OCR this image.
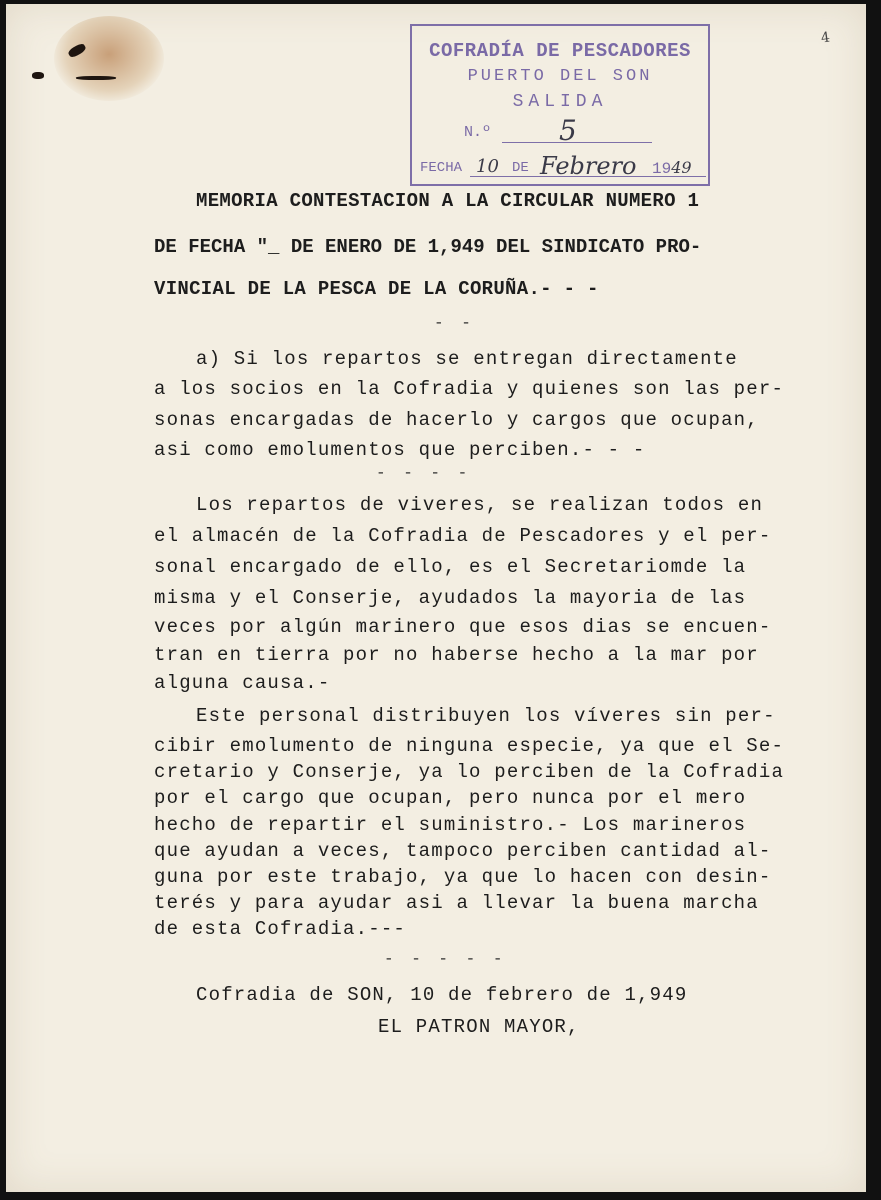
4
COFRADÍA DE PESCADORES
PUERTO DEL SON
SALIDA
N.º 5
FECHA 10 DE Febrero 1949

MEMORIA CONTESTACION A LA CIRCULAR NUMERO 1

DE FECHA "_ DE ENERO DE 1,949 DEL SINDICATO PRO-

VINCIAL DE LA PESCA DE LA CORUÑA.- - -

- -

a) Si los repartos se entregan directamente

a los socios en la Cofradia y quienes son las per-

sonas encargadas de hacerlo y cargos que ocupan,

asi como emolumentos que perciben.- - -

- - - -

Los repartos de viveres, se realizan todos en

el almacén de la Cofradia de Pescadores y el per-

sonal encargado de ello, es el Secretariomde la

misma y el Conserje, ayudados la mayoria de las

veces por algún marinero que esos dias se encuen-

tran en tierra por no haberse hecho a la mar por

alguna causa.-

Este personal distribuyen los víveres sin per-

cibir emolumento de ninguna especie, ya que el Se-

cretario y Conserje, ya lo perciben de la Cofradia

por el cargo que ocupan, pero nunca por el mero

hecho de repartir el suministro.- Los marineros

que ayudan a veces, tampoco perciben cantidad al-

guna por este trabajo, ya que lo hacen con desin-

terés y para ayudar asi a llevar la buena marcha

de esta Cofradia.---

- - - - -

Cofradia de SON, 10 de febrero de 1,949

EL PATRON MAYOR,
